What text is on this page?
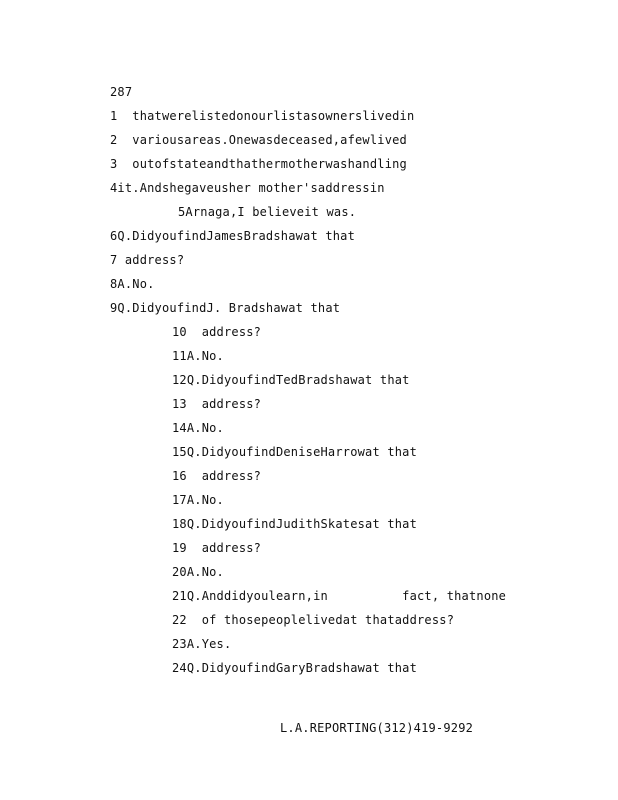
287
1  thatwerelistedonourlistasownerslivedin
2  variousareas.Onewasdeceased,afewlived
3  outofstateandthathermotherwashandling
4it.Andshegaveusher mother'saddressin
5Arnaga,I believeit was.
6Q.DidyoufindJamesBradshawat that
7 address?
8A.No.
9Q.DidyoufindJ. Bradshawat that
10  address?
11A.No.
12Q.DidyoufindTedBradshawat that
13  address?
14A.No.
15Q.DidyoufindDeniseHarrowat that
16  address?
17A.No.
18Q.DidyoufindJudithSkatesat that
19  address?
20A.No.
21Q.Anddidyoulearn,in          fact, thatnone
22  of thosepeoplelivedat thataddress?
23A.Yes.
24Q.DidyoufindGaryBradshawat that
L.A.REPORTING(312)419-9292
